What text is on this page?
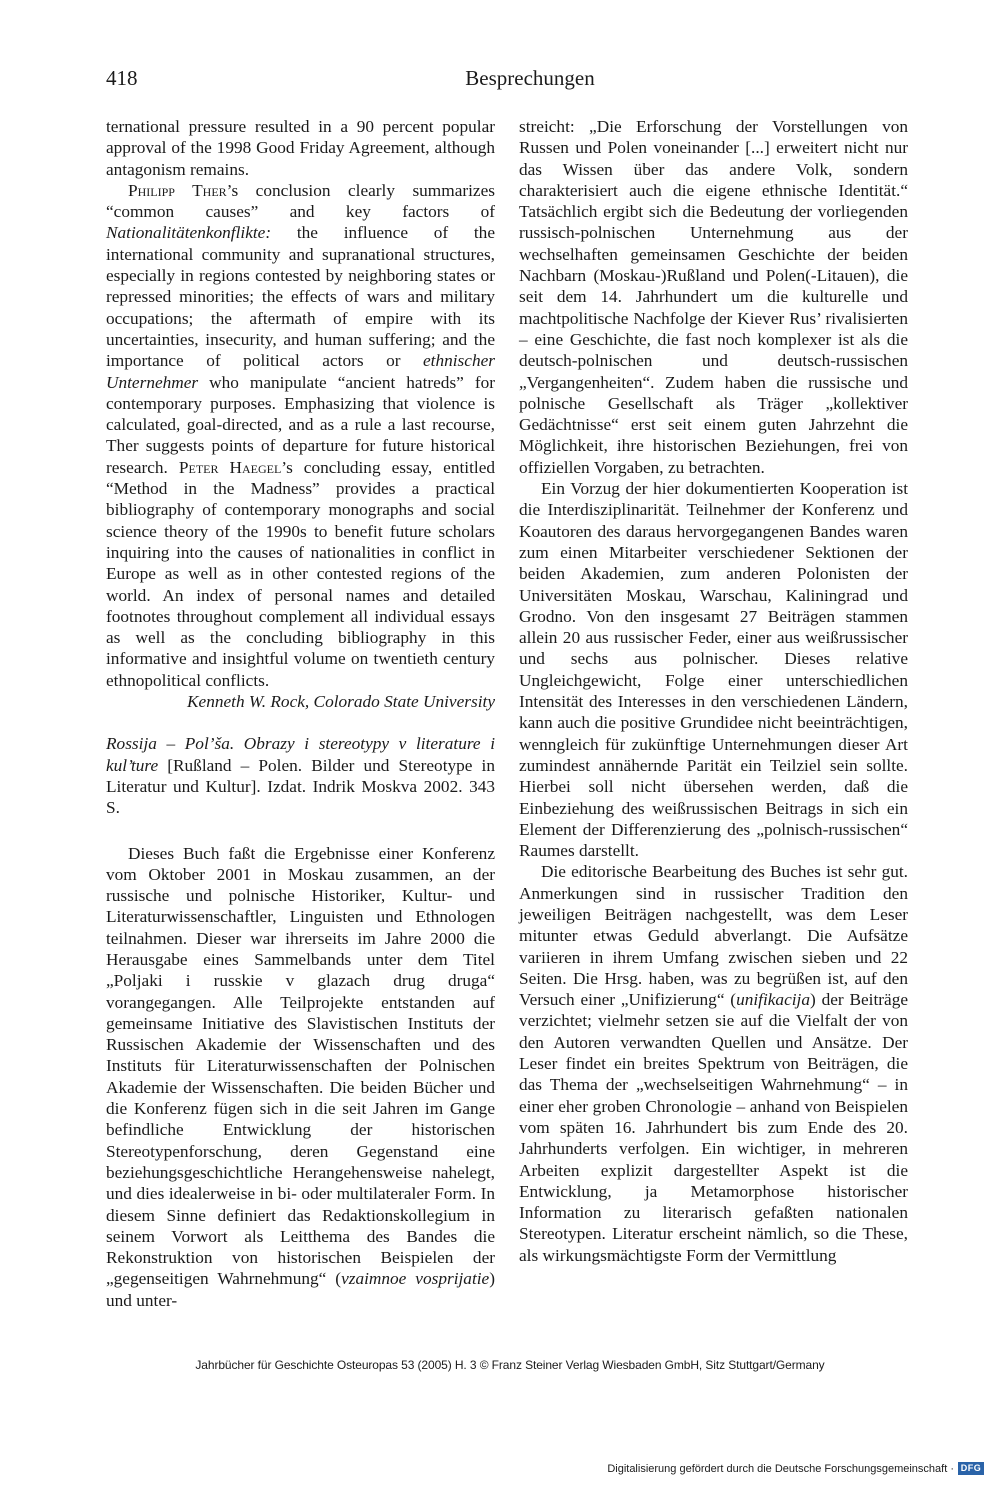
418	Besprechungen

ternational pressure resulted in a 90 percent popular approval of the 1998 Good Friday Agreement, although antagonism remains.

Philipp Ther’s conclusion clearly summarizes “common causes” and key factors of Nationalitätenkonflikte: the influence of the international community and supranational structures, especially in regions contested by neighboring states or repressed minorities; the effects of wars and military occupations; the aftermath of empire with its uncertainties, insecurity, and human suffering; and the importance of political actors or ethnischer Unternehmer who manipulate “ancient hatreds” for contemporary purposes. Emphasizing that violence is calculated, goal-directed, and as a rule a last recourse, Ther suggests points of departure for future historical research. Peter Haegel’s concluding essay, entitled “Method in the Madness” provides a practical bibliography of contemporary monographs and social science theory of the 1990s to benefit future scholars inquiring into the causes of nationalities in conflict in Europe as well as in other contested regions of the world. An index of personal names and detailed footnotes throughout complement all individual essays as well as the concluding bibliography in this informative and insightful volume on twentieth century ethnopolitical conflicts.

Kenneth W. Rock, Colorado State University

Rossija – Pol’ša. Obrazy i stereotypy v literature i kul’ture [Rußland – Polen. Bilder und Stereotype in Literatur und Kultur]. Izdat. Indrik Moskva 2002. 343 S.

Dieses Buch faßt die Ergebnisse einer Konferenz vom Oktober 2001 in Moskau zusammen, an der russische und polnische Historiker, Kultur- und Literaturwissenschaftler, Linguisten und Ethnologen teilnahmen. Dieser war ihrerseits im Jahre 2000 die Herausgabe eines Sammelbands unter dem Titel „Poljaki i russkie v glazach drug druga“ vorangegangen. Alle Teilprojekte entstanden auf gemeinsame Initiative des Slavistischen Instituts der Russischen Akademie der Wissenschaften und des Instituts für Literaturwissenschaften der Polnischen Akademie der Wissenschaften. Die beiden Bücher und die Konferenz fügen sich in die seit Jahren im Gange befindliche Entwicklung der historischen Stereotypenforschung, deren Gegenstand eine beziehungsgeschichtliche Herangehensweise nahelegt, und dies idealerweise in bi- oder multilateraler Form. In diesem Sinne definiert das Redaktionskollegium in seinem Vorwort als Leitthema des Bandes die Rekonstruktion von historischen Beispielen der „gegenseitigen Wahrnehmung“ (vzaimnoe vosprijatie) und unter-

streicht: „Die Erforschung der Vorstellungen von Russen und Polen voneinander [...] erweitert nicht nur das Wissen über das andere Volk, sondern charakterisiert auch die eigene ethnische Identität.“ Tatsächlich ergibt sich die Bedeutung der vorliegenden russisch-polnischen Unternehmung aus der wechselhaften gemeinsamen Geschichte der beiden Nachbarn (Moskau-)Rußland und Polen(-Litauen), die seit dem 14. Jahrhundert um die kulturelle und machtpolitische Nachfolge der Kiever Rus’ rivalisierten – eine Geschichte, die fast noch komplexer ist als die deutsch-polnischen und deutsch-russischen „Vergangenheiten“. Zudem haben die russische und polnische Gesellschaft als Träger „kollektiver Gedächtnisse“ erst seit einem guten Jahrzehnt die Möglichkeit, ihre historischen Beziehungen, frei von offiziellen Vorgaben, zu betrachten.

Ein Vorzug der hier dokumentierten Kooperation ist die Interdisziplinarität. Teilnehmer der Konferenz und Koautoren des daraus hervorgegangenen Bandes waren zum einen Mitarbeiter verschiedener Sektionen der beiden Akademien, zum anderen Polonisten der Universitäten Moskau, Warschau, Kaliningrad und Grodno. Von den insgesamt 27 Beiträgen stammen allein 20 aus russischer Feder, einer aus weißrussischer und sechs aus polnischer. Dieses relative Ungleichgewicht, Folge einer unterschiedlichen Intensität des Interesses in den verschiedenen Ländern, kann auch die positive Grundidee nicht beeinträchtigen, wenngleich für zukünftige Unternehmungen dieser Art zumindest annähernde Parität ein Teilziel sein sollte. Hierbei soll nicht übersehen werden, daß die Einbeziehung des weißrussischen Beitrags in sich ein Element der Differenzierung des „polnisch-russischen“ Raumes darstellt.

Die editorische Bearbeitung des Buches ist sehr gut. Anmerkungen sind in russischer Tradition den jeweiligen Beiträgen nachgestellt, was dem Leser mitunter etwas Geduld abverlangt. Die Aufsätze variieren in ihrem Umfang zwischen sieben und 22 Seiten. Die Hrsg. haben, was zu begrüßen ist, auf den Versuch einer „Unifizierung“ (unifikacija) der Beiträge verzichtet; vielmehr setzen sie auf die Vielfalt der von den Autoren verwandten Quellen und Ansätze. Der Leser findet ein breites Spektrum von Beiträgen, die das Thema der „wechselseitigen Wahrnehmung“ – in einer eher groben Chronologie – anhand von Beispielen vom späten 16. Jahrhundert bis zum Ende des 20. Jahrhunderts verfolgen. Ein wichtiger, in mehreren Arbeiten explizit dargestellter Aspekt ist die Entwicklung, ja Metamorphose historischer Information zu literarisch gefaßten nationalen Stereotypen. Literatur erscheint nämlich, so die These, als wirkungsmächtigste Form der Vermittlung

Jahrbücher für Geschichte Osteuropas 53 (2005) H. 3 © Franz Steiner Verlag Wiesbaden GmbH, Sitz Stuttgart/Germany
Digitalisierung gefördert durch die Deutsche Forschungsgemeinschaft · DFG
